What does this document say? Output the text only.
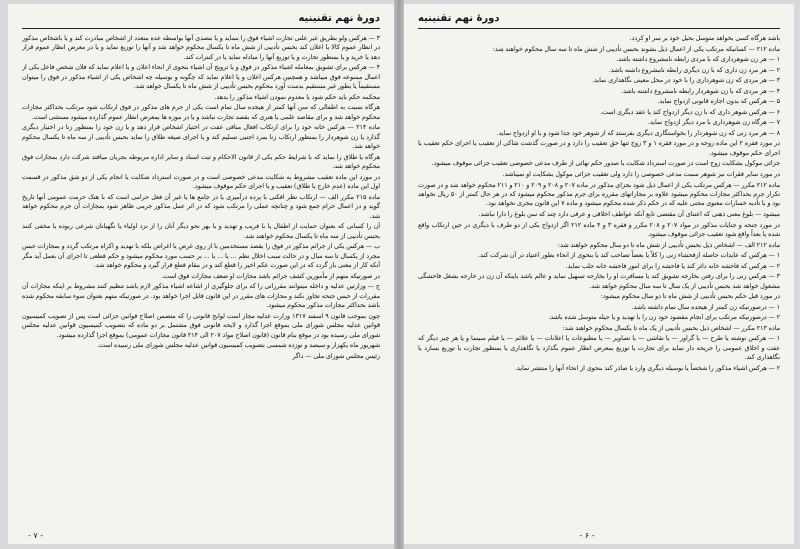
دورهٔ نهم تقنینیه

۳ — هرکس ولو بطریق غیر علنی تجارت اشیاء فوق را بنماید و یا بتصدی آنها بواسطه عده متعدد از اشخاص مبادرت کند و یا باشخاص مذکور در انظار عموم کالا یا اعلان کند بحبس تأدیبی از شش ماه تا یکسال محکوم خواهد شد و آنها را توزیع نماید و یا در معرض انظار عموم قرار دهد یا خرید و یا بمنظور تجارت و یا توزیع آنها را مبادله نماید یا در کنترات کند.

۴ — هرکس برای تشویق بمعامله اشیاء مذکور در فوق و یا ترویج آن اشیاء بنحوی از انحاء اعلان و یا اعلام نماید که فلان شخص فاعل یکی از اعمال ممنوعه فوق میباشد و همچنین هرکس اعلان و یا اعلام نماید که چگونه و بوسیله چه اشخاص یکی از اشیاء مذکور در فوق را میتوان مستقیماً یا بطور غیر مستقیم بدست آورد محکوم بحبس تأدیبی از شش ماه تا یکسال خواهد شد.

محکمه حکم باید حکم شود یا معدوم نمودن اشیاء مذکور را بدهد.

هرگاه نسبت به اطفالی که سن آنها کمتر از هیجده سال تمام است یکی از جرم های مذکور در فوق ارتکاب شود مرتکب بحداکثر مجازات محکوم خواهد شد و برای مقاصد علمی یا هنری که بقصد تجارت نباشد و یا در موزه ها بمعرض انظار عموم گذارده میشود مستثنی است.

ماده ۲۱۴ — هرکس خانه خود را برای ارتکاب افعال منافی عفت در اختیار اشخاص قرار دهد و یا زن خود را بمنظور زنا در اختیار دیگری گذارد یا زن شوهردار را بمنظور ارتکاب زنا بمرد اجنبی تسلیم کند و یا اجرای صیغه طلاق را نماید بحبس تأدیبی از سه ماه تا یکسال محکوم خواهد شد.

هرگاه یا طلاق را نماید که با شرایط حکم یکی از قانون الاحکام و ثبت اسناد و سایر اداره مربوطه بجریان میافتد شرکت دارد بمجازات فوق محکوم خواهد شد.

در مورد این ماده تعقیب مشروط به شکایت مدعی خصوصی است و در صورت استرداد شکایت یا انجام یکی از دو شق مذکور در قسمت اول این ماده (عدم خارج یا طلاق) تعقیب و یا اجرای حکم موقوف میشود.

ماده ۲۱۵ مکرر الف — ارتکاب نظر افکنی با پرده درآمیزی یا در جامع ها یا غیر آن فعل حرامی است که با هتک حرمت عمومی آنها تاریخ گوید و در اعمال حرام جمع شود و چنانچه عملی را مرتکب شود که در اثر عمل مذکور جرمی ظاهر شود بمجازات آن جرم محکوم خواهد شد.

آن را کسانی که بعنوان حمایت از اطفال یا با فریب و تهدید و یا بهر نحو دیگر آنان را از نزد اولیاء یا نگهبانان شرعی ربوده یا مخفی کنند بحبس تأدیبی از سه ماه تا یکسال محکوم خواهند شد.

ب — هرکس یکی از جرائم مذکور در فوق را بقصد مستخدمین با از روی غرض یا اغراض بلکه با تهدید و اکراه مرتکب گردد و بمجازات حبس مجرد از یکسال تا سه سال و در حالت سبب اخلال نظم ... یا ... یا ... بر حسب مورد محکوم میشود و حکم قطعی تا اجرای آن بعمل آید مگر آنکه کار از معنی باز گردد که در این صورت عکم اخیر را قطع کند و در مقام قطع قرار گیرد و محکوم خواهد شد.

در صورتیکه متهم از مأمورین کشف جرائم باشد مجازات او ضعف مجازات فوق است.

ج — وزارتین عدلیه و داخله میتوانند مقرراتی را که برای جلوگیری از اشاعه اشیاء مذکور لازم باشد تنظیم کنند مشروط بر اینکه مجازات آن مقررات از حبس جنحه تجاوز نکند و مجازات های مقرر در این قانون قابل اجرا خواهد بود. در صورتیکه متهم بعنوان سوء سابقه محکوم شده باشد بحداکثر مجازات مذکور محکوم میشود.

چون بموجب قانون ۹ اسفند ۱۳۱۷ وزارت عدلیه مجاز است لوایح قانونی را که متضمن اصلاح قوانین جزائی است پس از تصویب کمیسیون قوانین عدلیه مجلس شورای ملی بموقع اجرا گذارد و لایحه قانونی فوق مشتمل بر دو ماده که بتصویب کمیسیون قوانین عدلیه مجلس شورای ملی رسیده بود در موقع بنام قانون (قانون اصلاح مواد ۲۰۷ الی ۲۱۴ قانون مجازات عمومی) بموقع اجرا گذارده میشود.

شهریور ماه یکهزار و سیصد و نوزده شمسی بتصویب کمیسیون قوانین عدلیه مجلس شورای ملی رسیده است.

رئیس مجلس شورای ملی — داگر

- ۷ -
دورهٔ نهم تقنینیه

باشد هرگاه کسی بخواهد متوسل بحیل خود بر سر او کردد.

ماده ۲۱۲ — کسانیکه مرتکب یکی از اعمال ذیل بشوند بحبس تأدیبی از شش ماه تا سه سال محکوم خواهند شد:

۱ — هر زن شوهرداری که با مردی رابطه نامشروع داشته باشد.

۲ — هر مرد زن داری که با زن دیگری رابطه نامشروع داشته باشد.

۳ — هر مردی که زن شوهرداری را با خود در محل معینی نگاهداری نماید.

۴ — هر مردی که با زن شوهردار رابطه نامشروع داشته باشد.

۵ — هرکس که بدون اجازه قانونی ازدواج نماید.

۶ — هرکس شوهر داری که با زن دیگر ازدواج کند یا عقد دیگری است.

۷ — هرگاه زن شوهرداری با مرد دیگر ازدواج نماید.

۸ — هر مرد زنی که زن شوهردار را بخواستگاری دیگری بفرستد که از شوهر خود جدا شود و با او ازدواج نماید.

در مورد فقره ۲ این ماده زوجه و در مورد فقره ۱ و ۳ زوج تنها حق تعقیب را دارد و در صورت گذشت شاکی از تعقیب یا اجرای حکم تعقیب یا اجرای حکم موقوف میشود.

جزائی موکول بشکایت زوج است در صورت استرداد شکایت یا صدور حکم نهائی از طرف مدعی خصوصی تعقیب جزائی موقوف میشود.

در مورد سایر فقرات نیز شوهر سمت مدعی خصوصی را دارد ولی تعقیب جزائی موکول بشکایت او نمیباشد.

ماده ۲۱۲ مکرر — هرکس مرتکب یکی از اعمال ذیل شود بجزای مذکور در ماده ۲۰۷ و ۲۰۸ و ۲۰۹ و ۲۱۰ و ۲۱۱ محکوم خواهد شد و در صورت تکرار جرم بحداکثر مجازات محکوم میشود علاوه بر مجازاتهای مقرره برای جرم مذکور محکوم میشود که در هر حال کمتر از ۵۰ ریال نخواهد بود و با تأدیه خسارات معنوی مجنی علیه که در حکم ذکر شده محکوم میشود و ماده ۷ این قانون مجری نخواهد بود.

میشود — بلوغ معنی ذهنی که اعتنای آن مقتضی تابع آنکه عواطف اخلاقی و عرفی دارد چند که سن بلوغ را دارا نباشد.

در مورد جنحه و جنایات مذکور در مواد ۲۰۷ و ۲۰۸ مکرر و فقره ۳ و ۴ ماده ۲۱۲ اگر ازدواج یکی از دو طرف با دیگری در حین ارتکاب واقع شده یا بعداً واقع شود تعقیب جزائی موقوف میشود.

ماده ۲۱۲ الف — اشخاص ذیل بحبس تأدیبی از شش ماه تا دو سال محکوم خواهند شد:

۱ — هرکس که عایدات حاصله ازفحشاء زنی را کلاً یا بعضاً تصاحب کند یا بنحوی از انحاء بطور اعتیاد در آن شرکت کند.

۲ — هرکس که فاحشه خانه دائر کند یا فاحشه را برای امور فاحشه خانه جلب نماید.

۳ — هرکس زنی را برای رفتن بخارجه تشویق کند یا مسافرت او را بخارجه تسهیل نماید و عالم باشد باینکه آن زن در خارجه بشغل فاحشگی مشغول خواهد شد بحبس تأدیبی از یک سال تا سه سال محکوم خواهد شد.

در مورد قبل حکم بحبس تأدیبی از شش ماه تا دو سال محکوم میشود:

۱ — درصورتیکه زن کمتر از هیجده سال تمام داشته باشد.

۲ — درصورتیکه مرتکب برای انجام مقصود خود زن را با تهدید و یا حیله متوسل شده باشد.

ماده ۲۱۳ مکرر — اشخاص ذیل بحبس تأدیبی از یک ماه تا یکسال محکوم خواهند شد:

۱ — هرکس نوشته یا طرح — یا گراور — یا نقاشی — یا تصاویر — یا مطبوعات یا اعلانات — یا علائم — یا فیلم سینما و یا هر چیز دیگر که عفت و اخلاق عمومی را جریحه دار نماید برای تجارت یا توزیع بمعرض انظار عموم بگذارد یا نگاهداری یا بمنظور تجارت یا توزیع بسازد یا نگاهداری کند.

۲ — هرکس اشیاء مذکور را شخصاً یا بوسیله دیگری وارد یا صادر کند بنحوی از انحاء آنها را منتشر نماید.

- ۶ -
